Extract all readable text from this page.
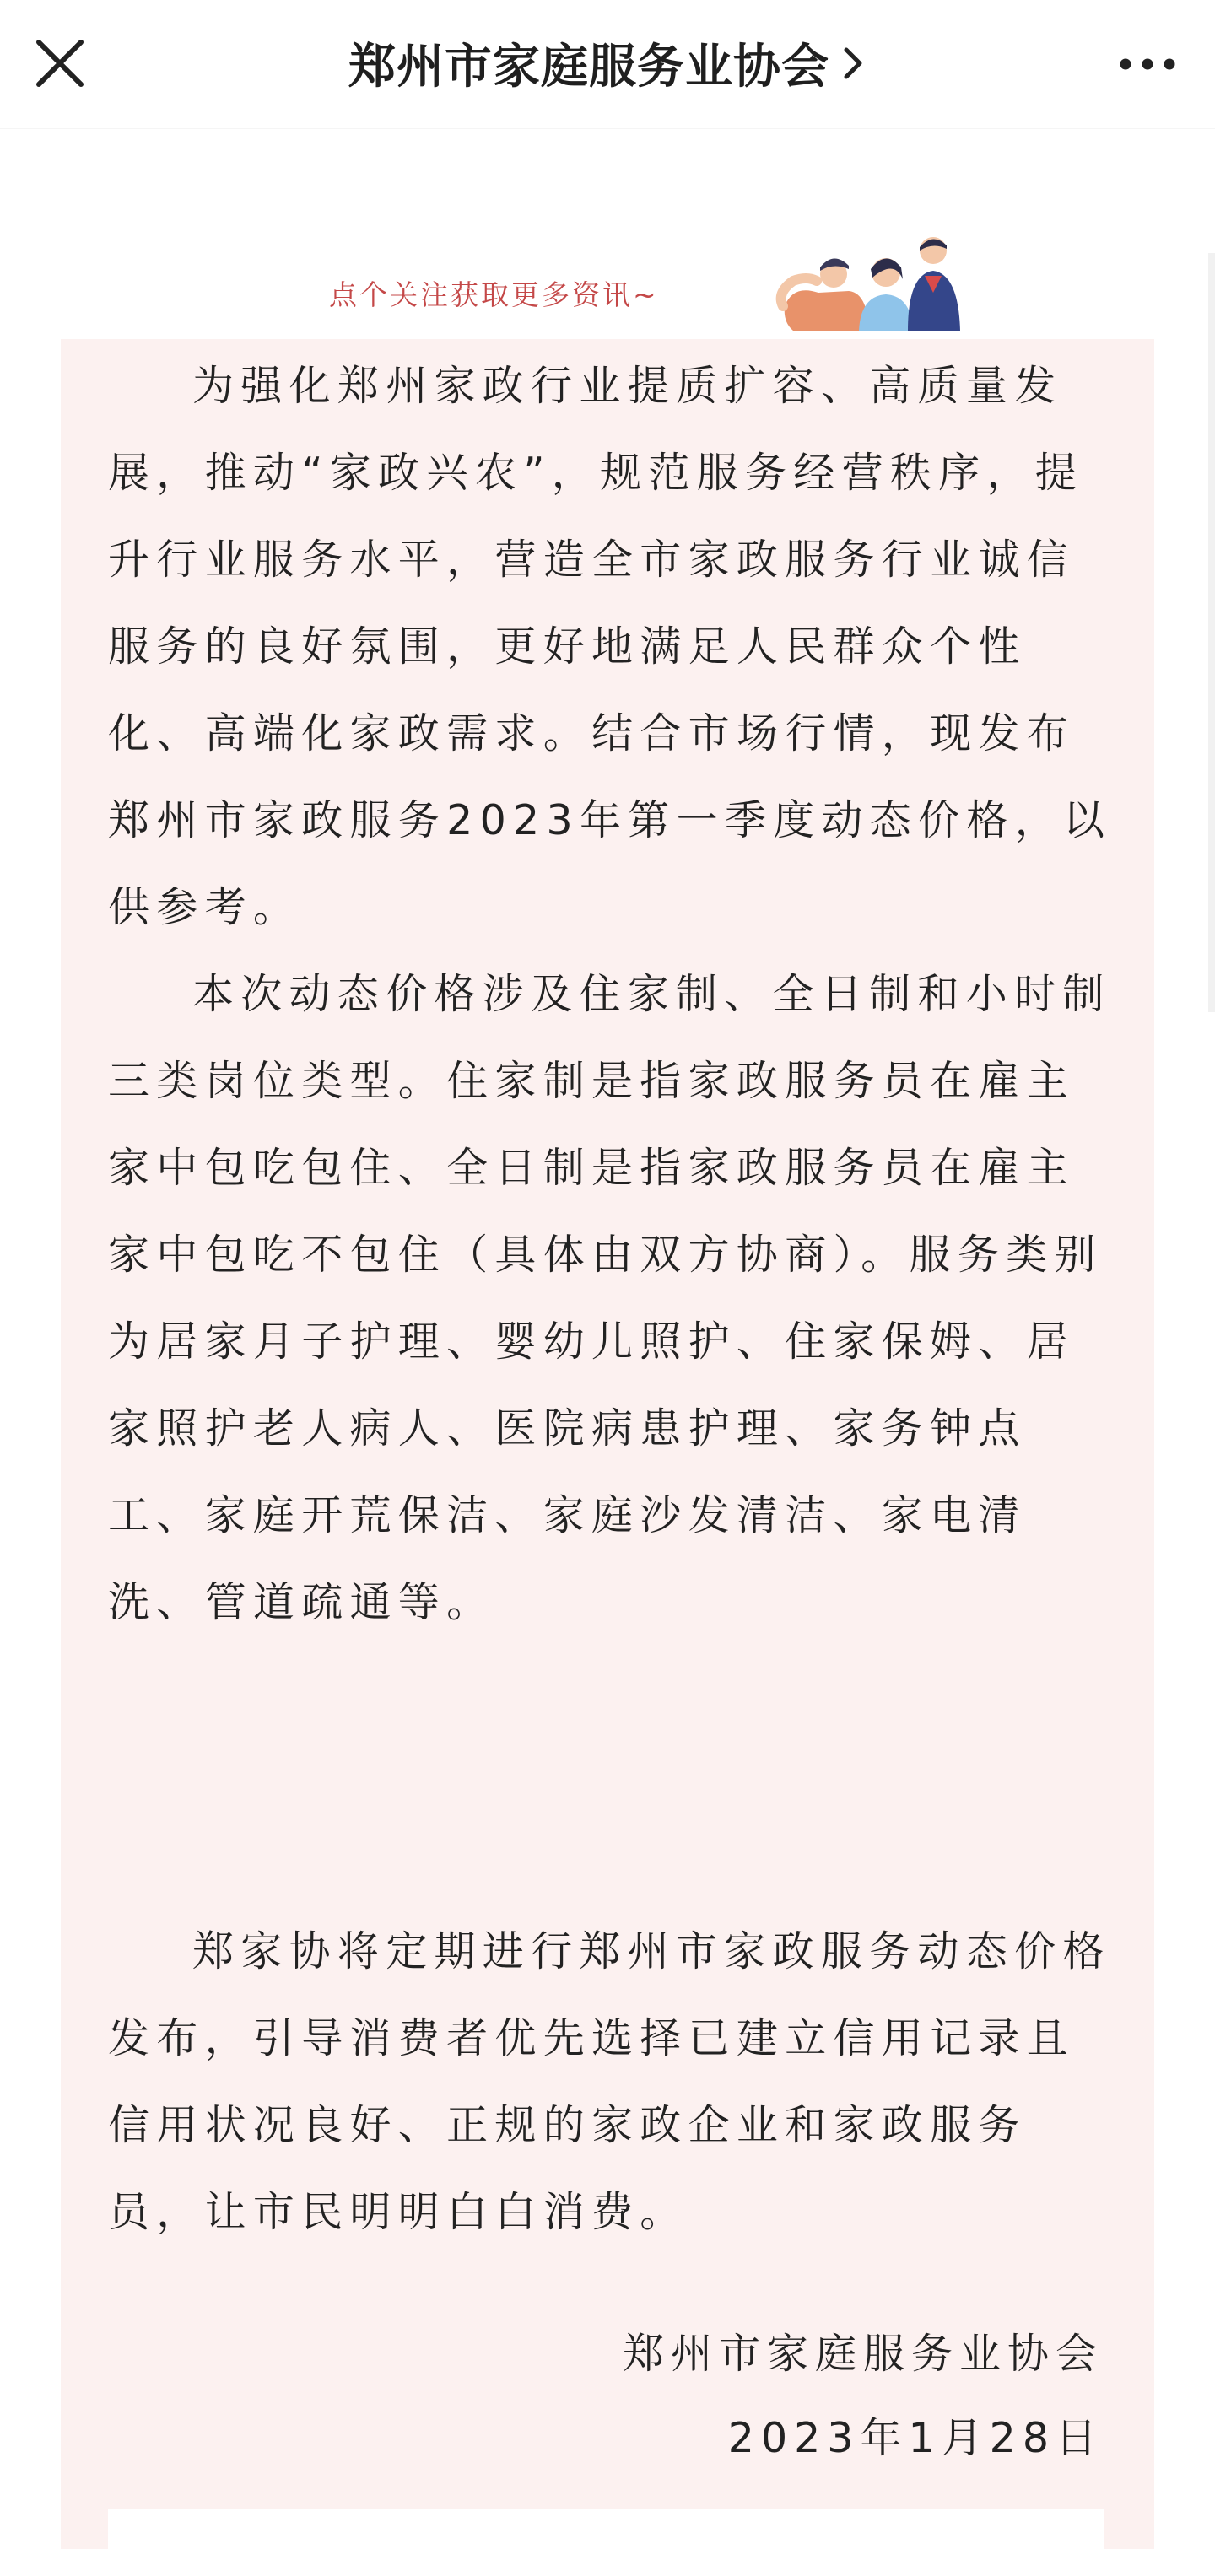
郑州市家庭服务业协会
点个关注获取更多资讯~

为强化郑州家政行业提质扩容、高质量发展，推动“家政兴农”，规范服务经营秩序，提升行业服务水平，营造全市家政服务行业诚信服务的良好氛围，更好地满足人民群众个性化、高端化家政需求。结合市场行情，现发布郑州市家政服务2023年第一季度动态价格，以供参考。

本次动态价格涉及住家制、全日制和小时制三类岗位类型。住家制是指家政服务员在雇主家中包吃包住、全日制是指家政服务员在雇主家中包吃不包住（具体由双方协商）。服务类别为居家月子护理、婴幼儿照护、住家保姆、居家照护老人病人、医院病患护理、家务钟点工、家庭开荒保洁、家庭沙发清洁、家电清洗、管道疏通等。

郑家协将定期进行郑州市家政服务动态价格发布，引导消费者优先选择已建立信用记录且信用状况良好、正规的家政企业和家政服务员，让市民明明白白消费。

郑州市家庭服务业协会
2023年1月28日
